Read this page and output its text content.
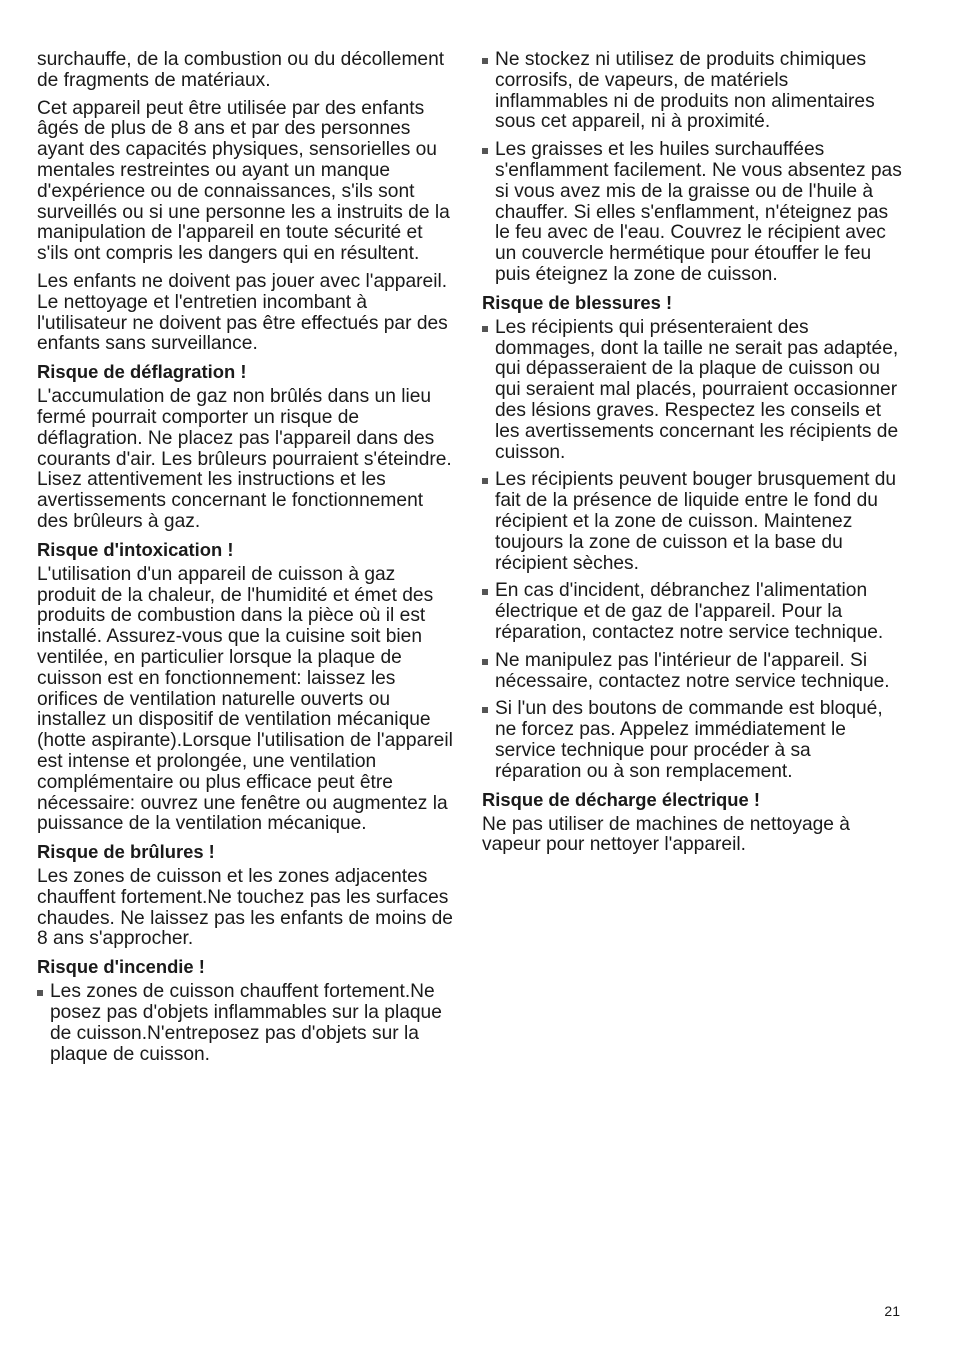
surchauffe, de la combustion ou du décollement de fragments de matériaux.

Cet appareil peut être utilisée par des enfants âgés de plus de 8 ans et par des personnes ayant des capacités physiques, sensorielles ou mentales restreintes ou ayant un manque d'expérience ou de connaissances, s'ils sont surveillés ou si une personne les a instruits de la manipulation de l'appareil en toute sécurité et s'ils ont compris les dangers qui en résultent.

Les enfants ne doivent pas jouer avec l'appareil. Le nettoyage et l'entretien incombant à l'utilisateur ne doivent pas être effectués par des enfants sans surveillance.

Risque de déflagration !

L'accumulation de gaz non brûlés dans un lieu fermé pourrait comporter un risque de déflagration. Ne placez pas l'appareil dans des courants d'air. Les brûleurs pourraient s'éteindre. Lisez attentivement les instructions et les avertissements concernant le fonctionnement des brûleurs à gaz.

Risque d'intoxication !

L'utilisation d'un appareil de cuisson à gaz produit de la chaleur, de l'humidité et émet des produits de combustion dans la pièce où il est installé. Assurez-vous que la cuisine soit bien ventilée, en particulier lorsque la plaque de cuisson est en fonctionnement: laissez les orifices de ventilation naturelle ouverts ou installez un dispositif de ventilation mécanique (hotte aspirante).Lorsque l'utilisation de l'appareil est intense et prolongée, une ventilation complémentaire ou plus efficace peut être nécessaire: ouvrez une fenêtre ou augmentez la puissance de la ventilation mécanique.

Risque de brûlures !

Les zones de cuisson et les zones adjacentes chauffent fortement.Ne touchez pas les surfaces chaudes. Ne laissez pas les enfants de moins de 8 ans s'approcher.

Risque d'incendie !
Les zones de cuisson chauffent fortement.Ne posez pas d'objets inflammables sur la plaque de cuisson.N'entreposez pas d'objets sur la plaque de cuisson.
Ne stockez ni utilisez de produits chimiques corrosifs, de vapeurs, de matériels inflammables ni de produits non alimentaires sous cet appareil, ni à proximité.
Les graisses et les huiles surchauffées s'enflamment facilement. Ne vous absentez pas si vous avez mis de la graisse ou de l'huile à chauffer. Si elles s'enflamment, n'éteignez pas le feu avec de l'eau. Couvrez le récipient avec un couvercle hermétique pour étouffer le feu puis éteignez la zone de cuisson.
Risque de blessures !
Les récipients qui présenteraient des dommages, dont la taille ne serait pas adaptée, qui dépasseraient de la plaque de cuisson ou qui seraient mal placés, pourraient occasionner des lésions graves. Respectez les conseils et les avertissements concernant les récipients de cuisson.
Les récipients peuvent bouger brusquement du fait de la présence de liquide entre le fond du récipient et la zone de cuisson. Maintenez toujours la zone de cuisson et la base du récipient sèches.
En cas d'incident, débranchez l'alimentation électrique et de gaz de l'appareil. Pour la réparation, contactez notre service technique.
Ne manipulez pas l'intérieur de l'appareil. Si nécessaire, contactez notre service technique.
Si l'un des boutons de commande est bloqué, ne forcez pas. Appelez immédiatement le service technique pour procéder à sa réparation ou à son remplacement.
Risque de décharge électrique !

Ne pas utiliser de machines de nettoyage à vapeur pour nettoyer l'appareil.

21
